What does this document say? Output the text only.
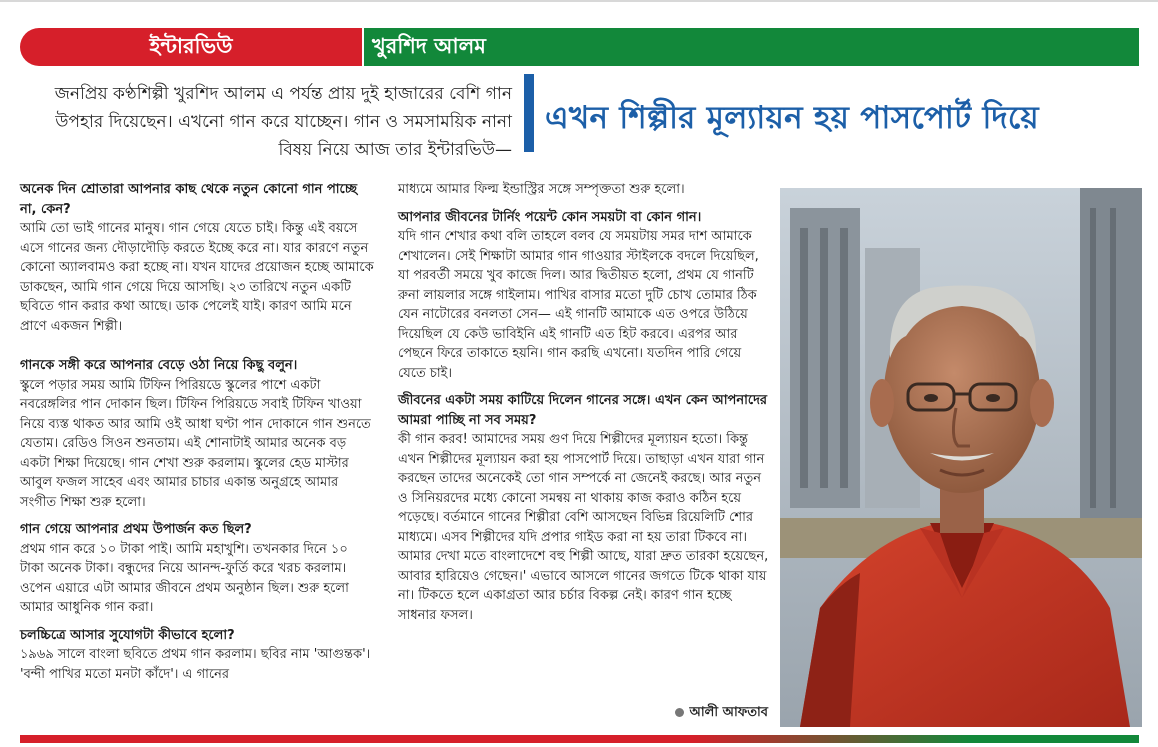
ইন্টারভিউ	খুরশিদ আলম
জনপ্রিয় কণ্ঠশিল্পী খুরশিদ আলম এ পর্যন্ত প্রায় দুই হাজারের বেশি গান উপহার দিয়েছেন। এখনো গান করে যাচ্ছেন। গান ও সমসাময়িক নানা বিষয় নিয়ে আজ তার ইন্টারভিউ—
এখন শিল্পীর মূল্যায়ন হয় পাসপোর্ট দিয়ে
অনেক দিন শ্রোতারা আপনার কাছ থেকে নতুন কোনো গান পাচ্ছে না, কেন?
আমি তো ভাই গানের মানুষ। গান গেয়ে যেতে চাই। কিন্তু এই বয়সে এসে গানের জন্য দৌড়াদৌড়ি করতে ইচ্ছে করে না। যার কারণে নতুন কোনো অ্যালবামও করা হচ্ছে না। যখন যাদের প্রয়োজন হচ্ছে আমাকে ডাকছেন, আমি গান গেয়ে দিয়ে আসছি। ২৩ তারিখে নতুন একটি ছবিতে গান করার কথা আছে। ডাক পেলেই যাই। কারণ আমি মনে প্রাণে একজন শিল্পী।
গানকে সঙ্গী করে আপনার বেড়ে ওঠা নিয়ে কিছু বলুন।
স্কুলে পড়ার সময় আমি টিফিন পিরিয়ডে স্কুলের পাশে একটা নবরেঙ্গলির পান দোকান ছিল। টিফিন পিরিয়ডে সবাই টিফিন খাওয়া নিয়ে ব্যস্ত থাকত আর আমি ওই আধা ঘণ্টা পান দোকানে গান শুনতে যেতাম। রেডিও সিওন শুনতাম। এই শোনাটাই আমার অনেক বড় একটা শিক্ষা দিয়েছে। গান শেখা শুরু করলাম। স্কুলের হেড মাস্টার আবুল ফজল সাহেব এবং আমার চাচার একান্ত অনুগ্রহে আমার সংগীত শিক্ষা শুরু হলো।
গান গেয়ে আপনার প্রথম উপার্জন কত ছিল?
প্রথম গান করে ১০ টাকা পাই। আমি মহাখুশি। তখনকার দিনে ১০ টাকা অনেক টাকা। বন্ধুদের নিয়ে আনন্দ-ফুর্তি করে খরচ করলাম। ওপেন এয়ারে এটা আমার জীবনে প্রথম অনুষ্ঠান ছিল। শুরু হলো আমার আধুনিক গান করা।
চলচ্চিত্রে আসার সুযোগটা কীভাবে হলো?
১৯৬৯ সালে বাংলা ছবিতে প্রথম গান করলাম। ছবির নাম 'আগুন্তক'। 'বন্দী পাখির মতো মনটা কাঁদে'। এ গানের
মাধ্যমে আমার ফিল্ম ইন্ডাস্ট্রির সঙ্গে সম্পৃক্ততা শুরু হলো।
আপনার জীবনের টার্নিং পয়েন্ট কোন সময়টা বা কোন গান।
যদি গান শেখার কথা বলি তাহলে বলব যে সময়টায় সমর দাশ আমাকে শেখালেন। সেই শিক্ষাটা আমার গান গাওয়ার স্টাইলকে বদলে দিয়েছিল, যা পরবর্তী সময়ে খুব কাজে দিল। আর দ্বিতীয়ত হলো, প্রথম যে গানটি রুনা লায়লার সঙ্গে গাইলাম। পাখির বাসার মতো দুটি চোখ তোমার ঠিক যেন নাটোরের বনলতা সেন— এই গানটি আমাকে এত ওপরে উঠিয়ে দিয়েছিল যে কেউ ভাবিইনি এই গানটি এত হিট করবে। এরপর আর পেছনে ফিরে তাকাতে হয়নি। গান করছি এখনো। যতদিন পারি গেয়ে যেতে চাই।
জীবনের একটা সময় কাটিয়ে দিলেন গানের সঙ্গে। এখন কেন আপনাদের আমরা পাচ্ছি না সব সময়?
কী গান করব! আমাদের সময় গুণ দিয়ে শিল্পীদের মূল্যায়ন হতো। কিন্তু এখন শিল্পীদের মূল্যায়ন করা হয় পাসপোর্ট দিয়ে। তাছাড়া এখন যারা গান করছেন তাদের অনেকেই তো গান সম্পর্কে না জেনেই করছে। আর নতুন ও সিনিয়রদের মধ্যে কোনো সমন্বয় না থাকায় কাজ করাও কঠিন হয়ে পড়েছে। বর্তমানে গানের শিল্পীরা বেশি আসছেন বিভিন্ন রিয়েলিটি শোর মাধ্যমে। এসব শিল্পীদের যদি প্রপার গাইড করা না হয় তারা টিকবে না। আমার দেখা মতে বাংলাদেশে বহু শিল্পী আছে, যারা দ্রুত তারকা হয়েছেন, আবার হারিয়েও গেছেন।' এভাবে আসলে গানের জগতে টিকে থাকা যায় না। টিকতে হলে একাগ্রতা আর চর্চার বিকল্প নেই। কারণ গান হচ্ছে সাধনার ফসল।
আলী আফতাব
